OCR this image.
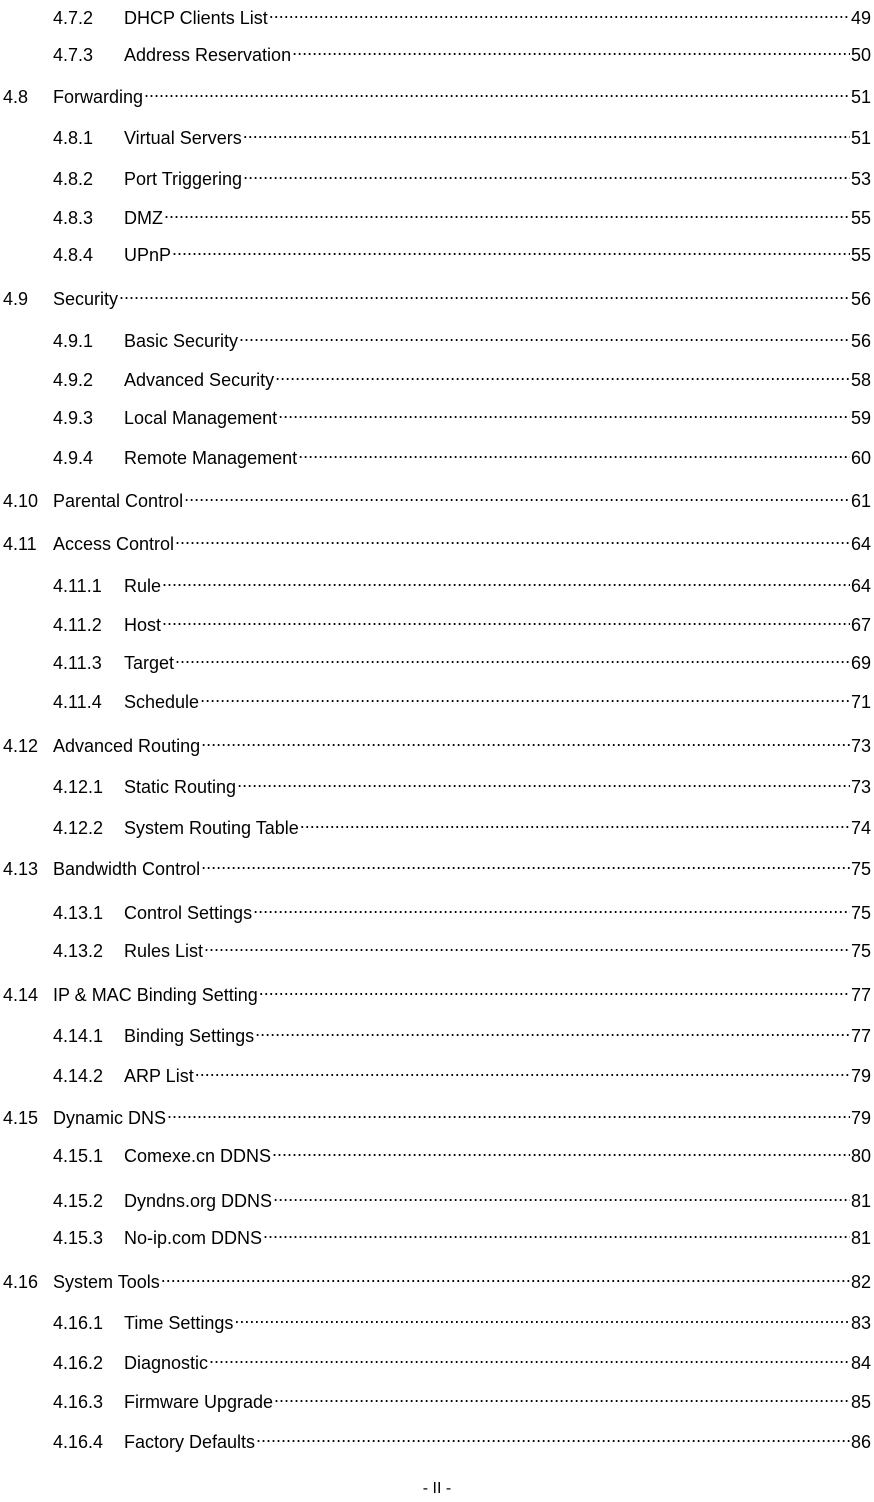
4.7.2	DHCP Clients List .....	49
4.7.3	Address Reservation .....	50
4.8	Forwarding .....	51
4.8.1	Virtual Servers .....	51
4.8.2	Port Triggering .....	53
4.8.3	DMZ .....	55
4.8.4	UPnP .....	55
4.9	Security .....	56
4.9.1	Basic Security .....	56
4.9.2	Advanced Security .....	58
4.9.3	Local Management .....	59
4.9.4	Remote Management .....	60
4.10 Parental Control .....	61
4.11 Access Control .....	64
4.11.1	Rule .....	64
4.11.2	Host .....	67
4.11.3	Target .....	69
4.11.4	Schedule .....	71
4.12 Advanced Routing .....	73
4.12.1	Static Routing .....	73
4.12.2	System Routing Table .....	74
4.13 Bandwidth Control .....	75
4.13.1	Control Settings .....	75
4.13.2	Rules List .....	75
4.14 IP & MAC Binding Setting .....	77
4.14.1	Binding Settings .....	77
4.14.2	ARP List .....	79
4.15 Dynamic DNS .....	79
4.15.1	Comexe.cn DDNS .....	80
4.15.2	Dyndns.org DDNS .....	81
4.15.3	No-ip.com DDNS .....	81
4.16 System Tools .....	82
4.16.1	Time Settings .....	83
4.16.2	Diagnostic .....	84
4.16.3	Firmware Upgrade .....	85
4.16.4	Factory Defaults .....	86
- II -
